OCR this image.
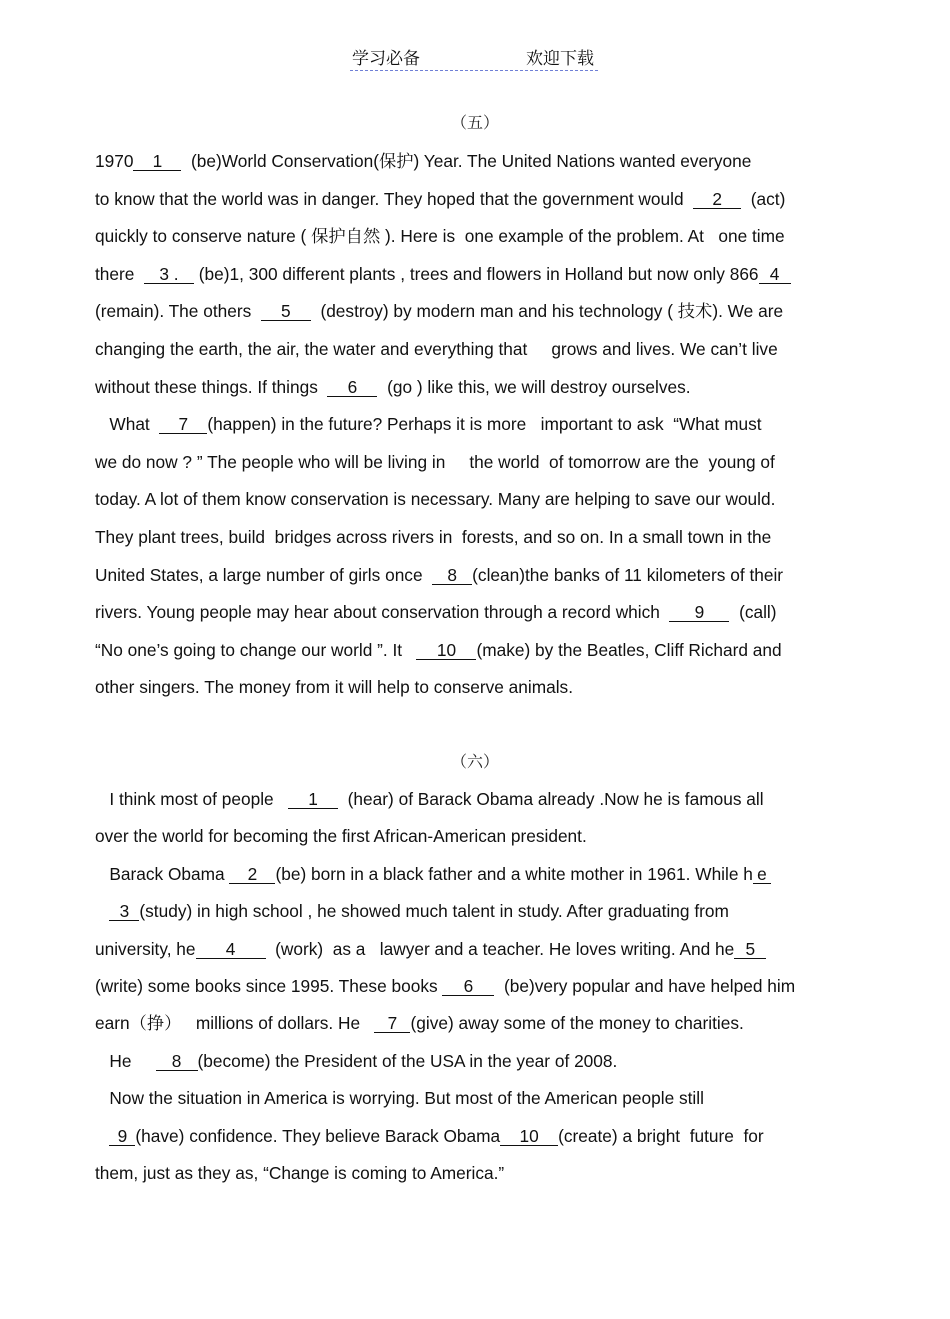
学习必备	欢迎下载
（五）
1970 1  (be)World Conservation(保护) Year. The United Nations wanted everyone
to know that the world was in danger. They hoped that the government would  2  (act)
quickly to conserve nature ( 保护自然 ). Here is  one example of the problem. At   one time
there  3 . (be)1, 300 different plants , trees and flowers in Holland but now only 866 4
(remain). The others  5  (destroy) by modern man and his technology ( 技术). We are
changing the earth, the air, the water and everything that     grows and lives. We can’t live
without these things. If things  6  (go ) like this, we will destroy ourselves.
What  7 (happen) in the future? Perhaps it is more   important to ask  “What must
we do now ? ” The people who will be living in     the world  of tomorrow are the  young of
today. A lot of them know conservation is necessary. Many are helping to save our would.
They plant trees, build  bridges across rivers in  forests, and so on. In a small town in the
United States, a large number of girls once  8 (clean)the banks of 11 kilometers of their
rivers. Young people may hear about conservation through a record which  9  (call)
“No one’s going to change our world ”. It   10 (make) by the Beatles, Cliff Richard and
other singers. The money from it will help to conserve animals.
（六）
I think most of people   1  (hear) of Barack Obama already .Now he is famous all
over the world for becoming the first African-American president.
Barack Obama 2 (be) born in a black father and a white mother in 1961. While h e
3 (study) in high school , he showed much talent in study. After graduating from
university, he 4  (work)  as a   lawyer and a teacher. He loves writing. And he 5
(write) some books since 1995. These books 6  (be)very popular and have helped him
earn（挣）   millions of dollars. He   7 (give) away some of the money to charities.
He     8 (become) the President of the USA in the year of 2008.
Now the situation in America is worrying. But most of the American people still
9 (have) confidence. They believe Barack Obama 10 (create) a bright  future  for
them, just as they as, “Change is coming to America.”
